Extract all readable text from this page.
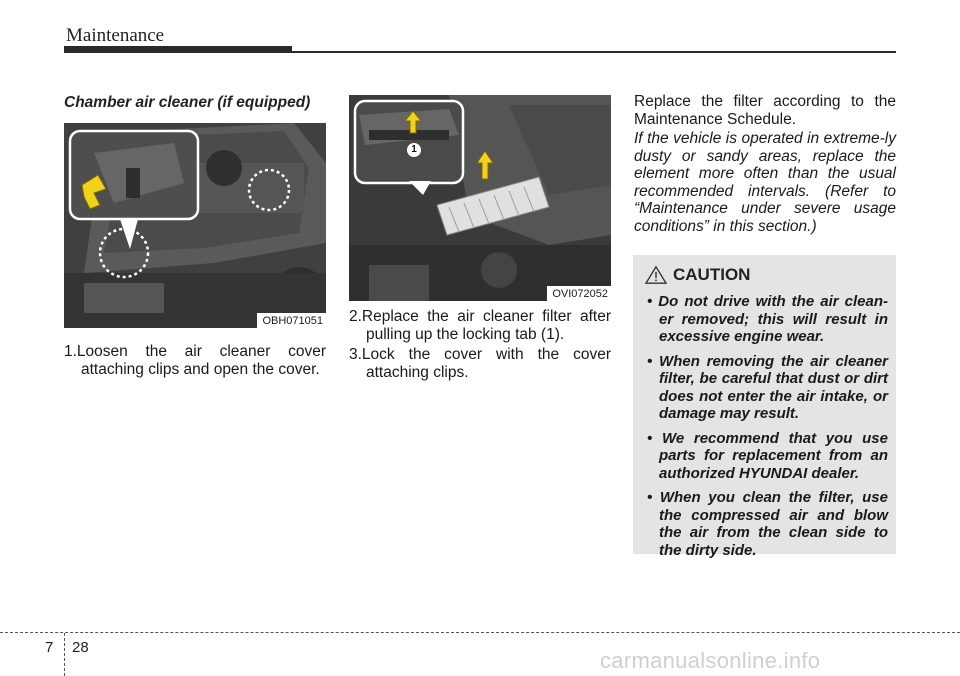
Maintenance
Chamber air cleaner (if equipped)
OBH071051
1
OVI072052
1.Loosen the air cleaner cover attaching clips and open the cover.
2.Replace the air cleaner filter after pulling up the locking tab (1).
3.Lock the cover with the cover attaching clips.
Replace the filter according to the Maintenance Schedule.
If the vehicle is operated in extreme-ly dusty or sandy areas, replace the element more often than the usual recommended intervals. (Refer to “Maintenance under severe usage conditions” in this section.)
CAUTION
• Do not drive with the air clean-er removed; this will result in excessive engine wear.
• When removing the air cleaner filter, be careful that dust or dirt does not enter the air intake, or damage may result.
• We recommend that you use parts for replacement from an authorized HYUNDAI dealer.
• When you clean the filter, use the compressed air and blow the air from the clean side to the dirty side.
7 28
carmanualsonline.info
